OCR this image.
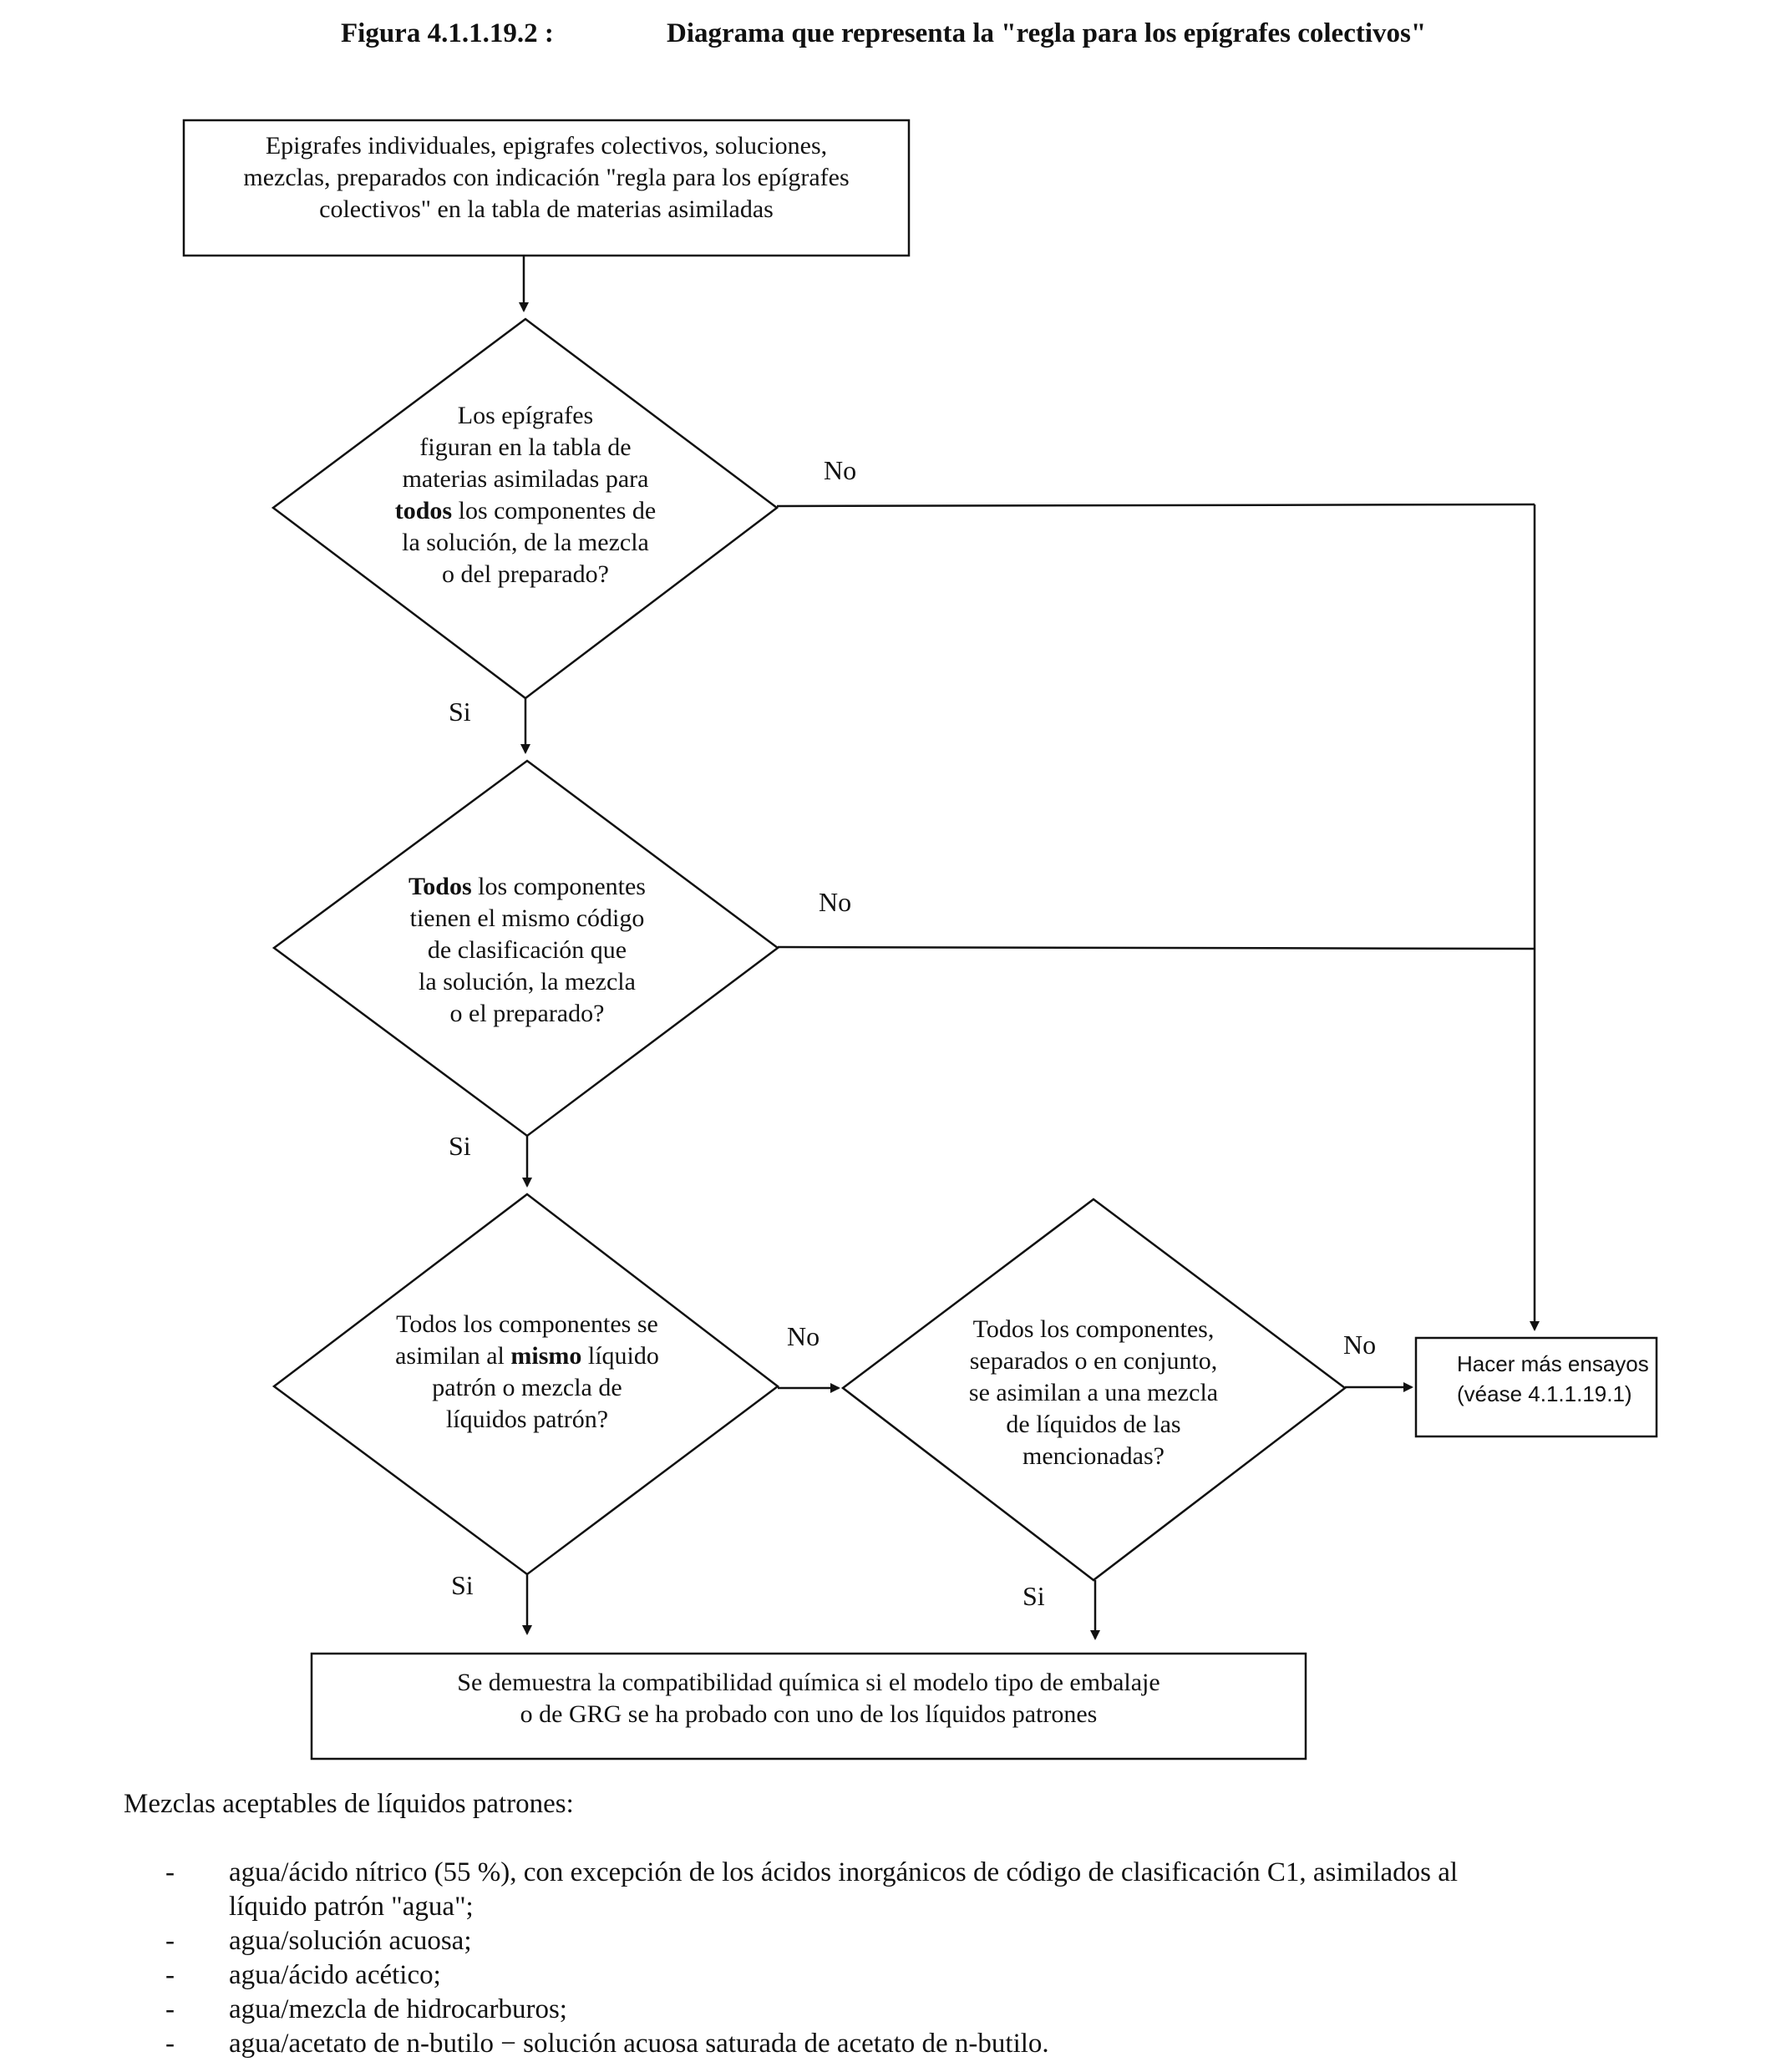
Figura 4.1.1.19.2 :	Diagrama que representa la "regla para los epígrafes colectivos"
Epigrafes individuales, epigrafes colectivos, soluciones,
mezclas, preparados con indicación "regla para los epígrafes
colectivos" en la tabla de materias asimiladas
Los epígrafes
figuran en la tabla de
materias asimiladas para
todos los componentes de
la solución, de la mezcla
o del preparado?
Todos los componentes
tienen el mismo código
de clasificación que
la solución, la mezcla
o el preparado?
Todos los componentes se
asimilan al mismo líquido
patrón o mezcla de
líquidos patrón?
Todos los componentes,
separados o en conjunto,
se asimilan a una mezcla
de líquidos de las
mencionadas?
Hacer más ensayos
(véase 4.1.1.19.1)
Se demuestra la compatibilidad química si el modelo tipo de embalaje
o de GRG se ha probado con uno de los líquidos patrones
No
Si
No
Si
No
Si
No
Si
Mezclas aceptables de líquidos patrones:
- agua/ácido nítrico (55 %), con excepción de los ácidos inorgánicos de código de clasificación C1, asimilados al
líquido patrón "agua";
- agua/solución acuosa;
- agua/ácido acético;
- agua/mezcla de hidrocarburos;
- agua/acetato de n-butilo − solución acuosa saturada de acetato de n-butilo.
